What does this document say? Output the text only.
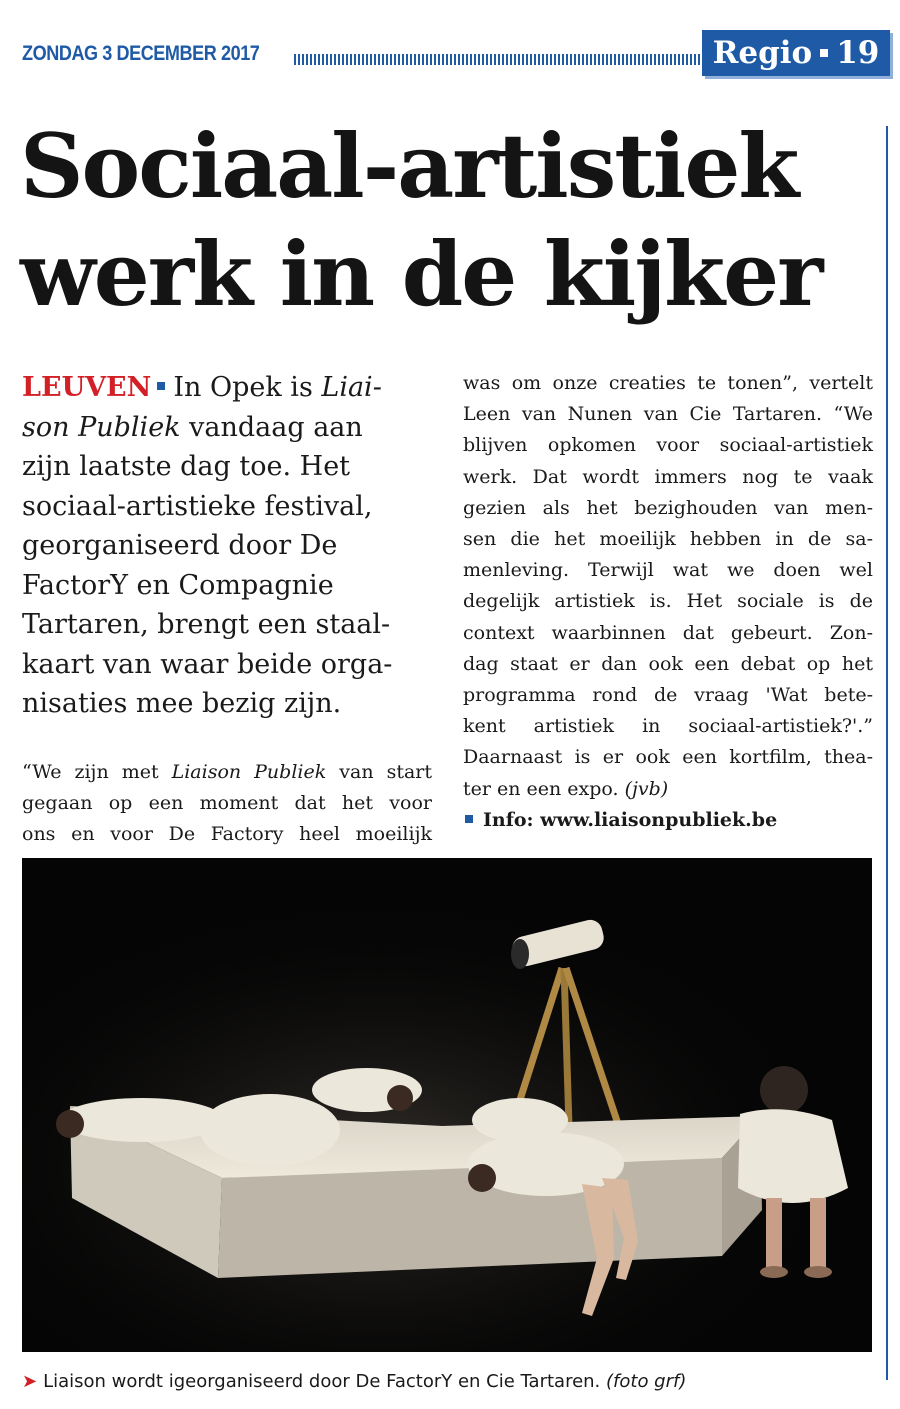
ZONDAG 3 DECEMBER 2017	Regio 19
Sociaal-artistiek
werk in de kijker

LEUVEN In Opek is Liai-
son Publiek vandaag aan
zijn laatste dag toe. Het
sociaal-artistieke festival,
georganiseerd door De
FactorY en Compagnie
Tartaren, brengt een staal-
kaart van waar beide orga-
nisaties mee bezig zijn.

“We zijn met Liaison Publiek van start
gegaan op een moment dat het voor
ons en voor De Factory heel moeilijk

was om onze creaties te tonen”, vertelt
Leen van Nunen van Cie Tartaren. “We
blijven opkomen voor sociaal-artistiek
werk. Dat wordt immers nog te vaak
gezien als het bezighouden van men-
sen die het moeilijk hebben in de sa-
menleving. Terwijl wat we doen wel
degelijk artistiek is. Het sociale is de
context waarbinnen dat gebeurt. Zon-
dag staat er dan ook een debat op het
programma rond de vraag 'Wat bete-
kent artistiek in sociaal-artistiek?'.”
Daarnaast is er ook een kortfilm, thea-
ter en een expo. (jvb)

Info: www.liaisonpubliek.be

➤ Liaison wordt igeorganiseerd door De FactorY en Cie Tartaren. (foto grf)
